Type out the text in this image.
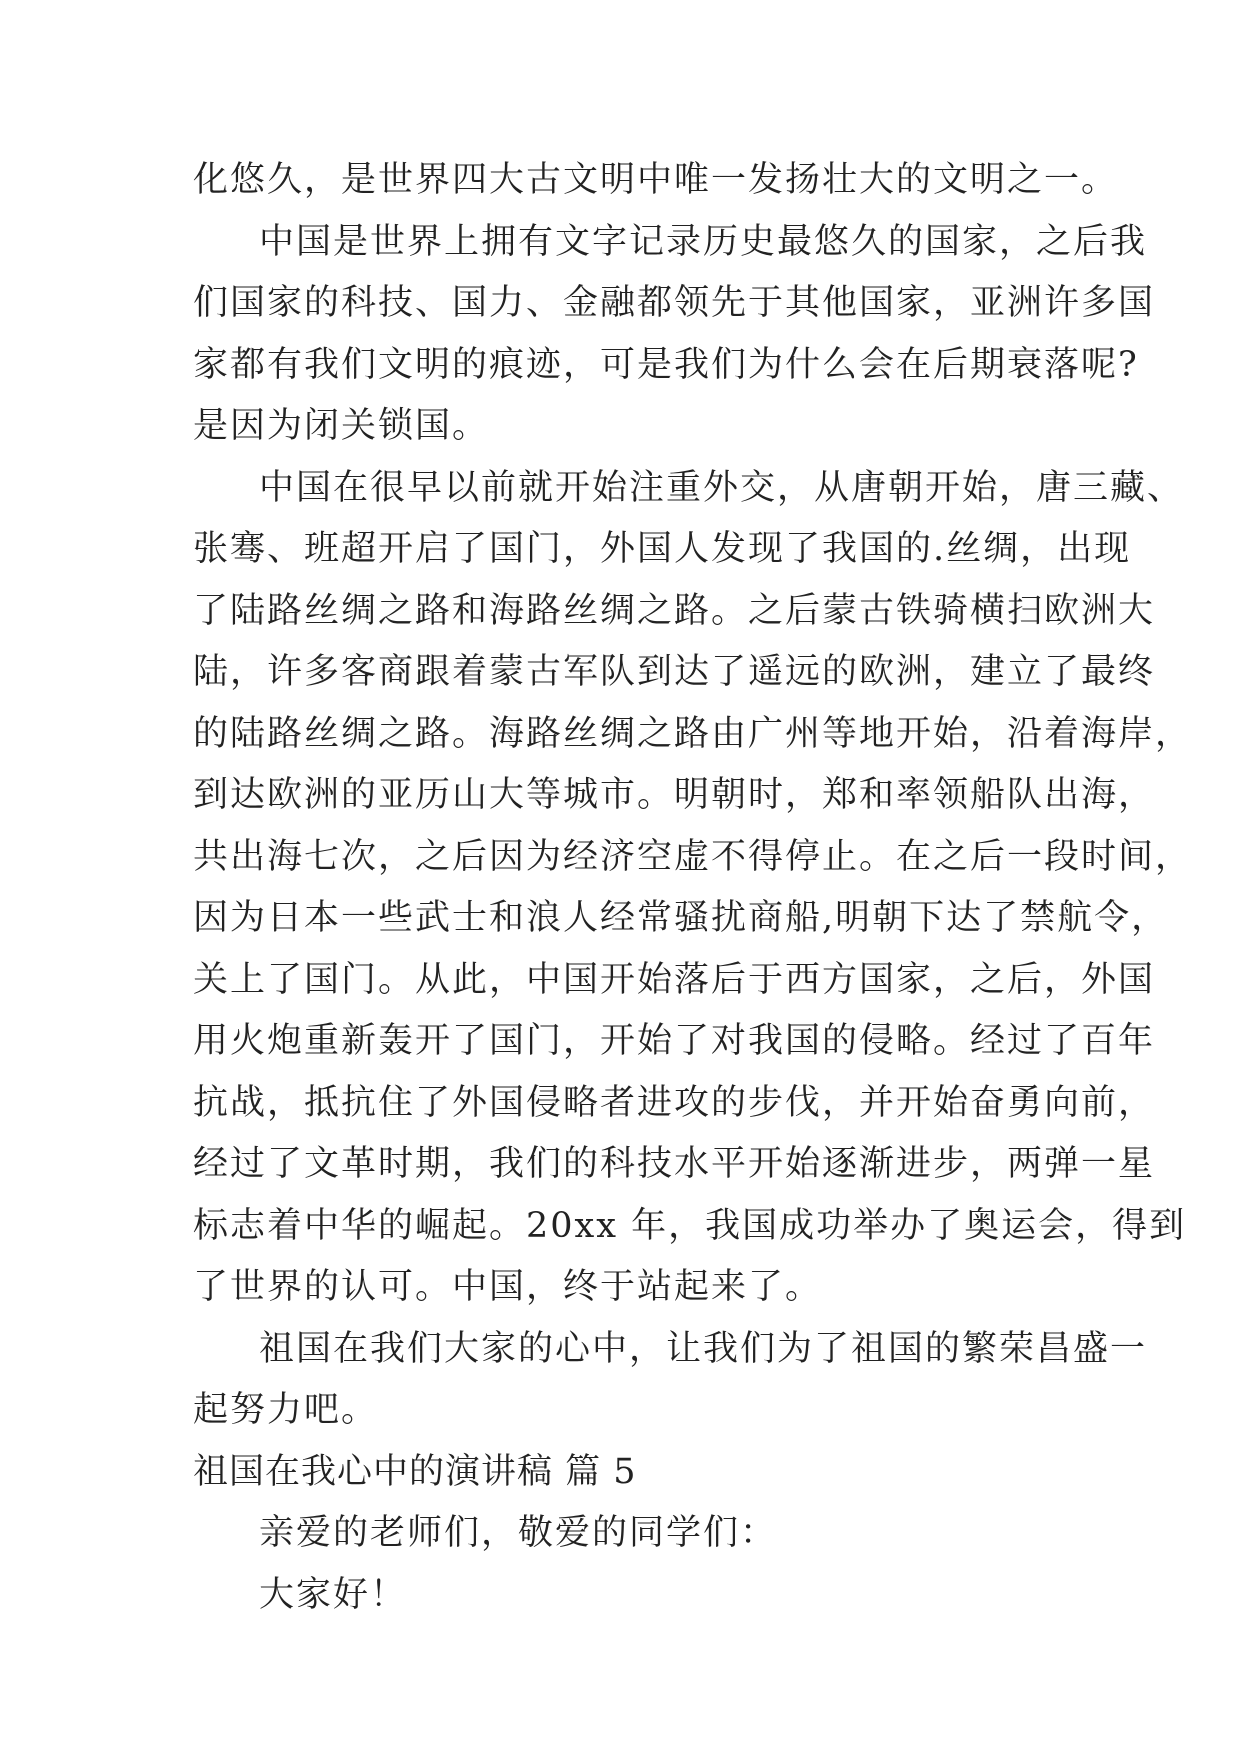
化悠久，是世界四大古文明中唯一发扬壮大的文明之一。
中国是世界上拥有文字记录历史最悠久的国家，之后我
们国家的科技、国力、金融都领先于其他国家，亚洲许多国
家都有我们文明的痕迹，可是我们为什么会在后期衰落呢?
是因为闭关锁国。
中国在很早以前就开始注重外交，从唐朝开始，唐三藏、
张骞、班超开启了国门，外国人发现了我国的.丝绸，出现
了陆路丝绸之路和海路丝绸之路。之后蒙古铁骑横扫欧洲大
陆，许多客商跟着蒙古军队到达了遥远的欧洲，建立了最终
的陆路丝绸之路。海路丝绸之路由广州等地开始，沿着海岸，
到达欧洲的亚历山大等城市。明朝时，郑和率领船队出海，
共出海七次，之后因为经济空虚不得停止。在之后一段时间，
因为日本一些武士和浪人经常骚扰商船,明朝下达了禁航令，
关上了国门。从此，中国开始落后于西方国家，之后，外国
用火炮重新轰开了国门，开始了对我国的侵略。经过了百年
抗战，抵抗住了外国侵略者进攻的步伐，并开始奋勇向前，
经过了文革时期，我们的科技水平开始逐渐进步，两弹一星
标志着中华的崛起。20xx 年，我国成功举办了奥运会，得到
了世界的认可。中国，终于站起来了。
祖国在我们大家的心中，让我们为了祖国的繁荣昌盛一
起努力吧。
祖国在我心中的演讲稿 篇 5
亲爱的老师们，敬爱的同学们：
大家好！
